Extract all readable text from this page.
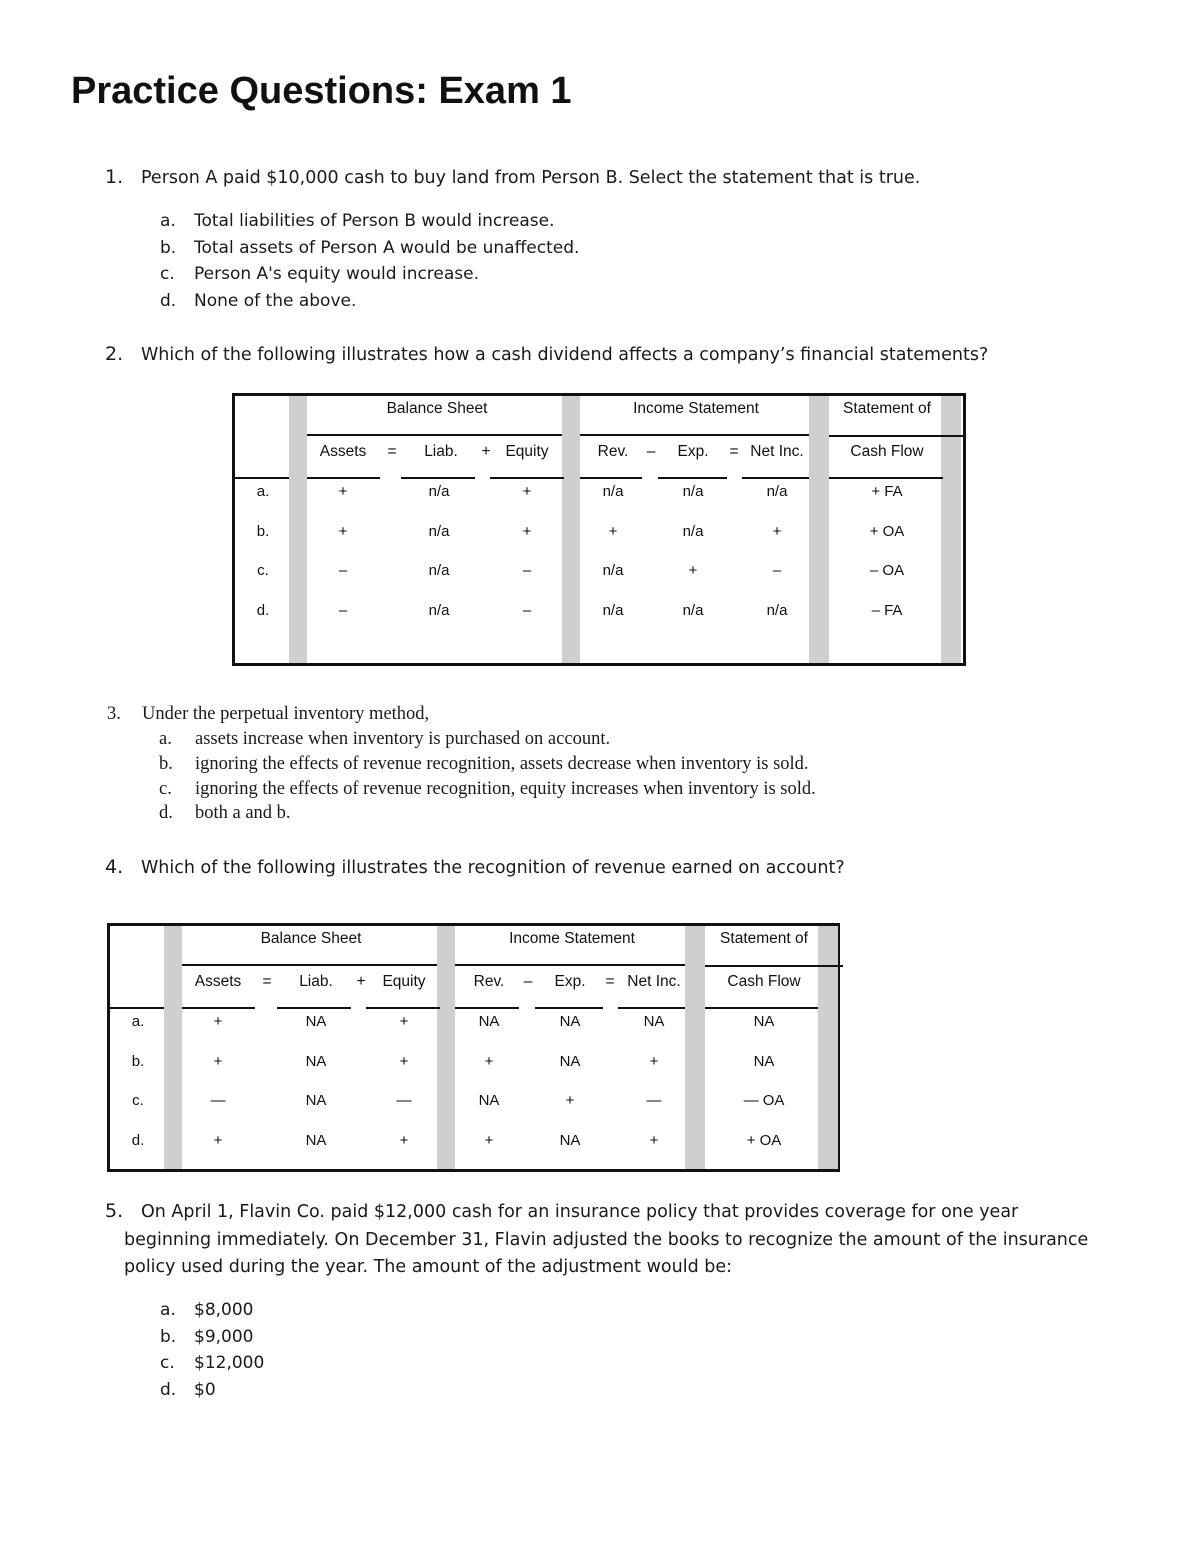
Practice Questions: Exam 1
1. Person A paid $10,000 cash to buy land from Person B. Select the statement that is true.
a. Total liabilities of Person B would increase.
b. Total assets of Person A would be unaffected.
c. Person A's equity would increase.
d. None of the above.
2. Which of the following illustrates how a cash dividend affects a company’s financial statements?
Balance Sheet	Income Statement	Statement of
Assets = Liab. + Equity	Rev. – Exp. = Net Inc.	Cash Flow
a.	+	n/a	+	n/a	n/a	n/a	+ FA
b.	+	n/a	+	+	n/a	+	+ OA
c.	–	n/a	–	n/a	+	–	– OA
d.	–	n/a	–	n/a	n/a	n/a	– FA
3. Under the perpetual inventory method,
a. assets increase when inventory is purchased on account.
b. ignoring the effects of revenue recognition, assets decrease when inventory is sold.
c. ignoring the effects of revenue recognition, equity increases when inventory is sold.
d. both a and b.
4. Which of the following illustrates the recognition of revenue earned on account?
Balance Sheet	Income Statement	Statement of
Assets = Liab. + Equity	Rev. – Exp. = Net Inc.	Cash Flow
a.	+	NA	+	NA	NA	NA	NA
b.	+	NA	+	+	NA	+	NA
c.	—	NA	—	NA	+	—	— OA
d.	+	NA	+	+	NA	+	+ OA
5. On April 1, Flavin Co. paid $12,000 cash for an insurance policy that provides coverage for one year
beginning immediately. On December 31, Flavin adjusted the books to recognize the amount of the insurance
policy used during the year. The amount of the adjustment would be:
a. $8,000
b. $9,000
c. $12,000
d. $0
